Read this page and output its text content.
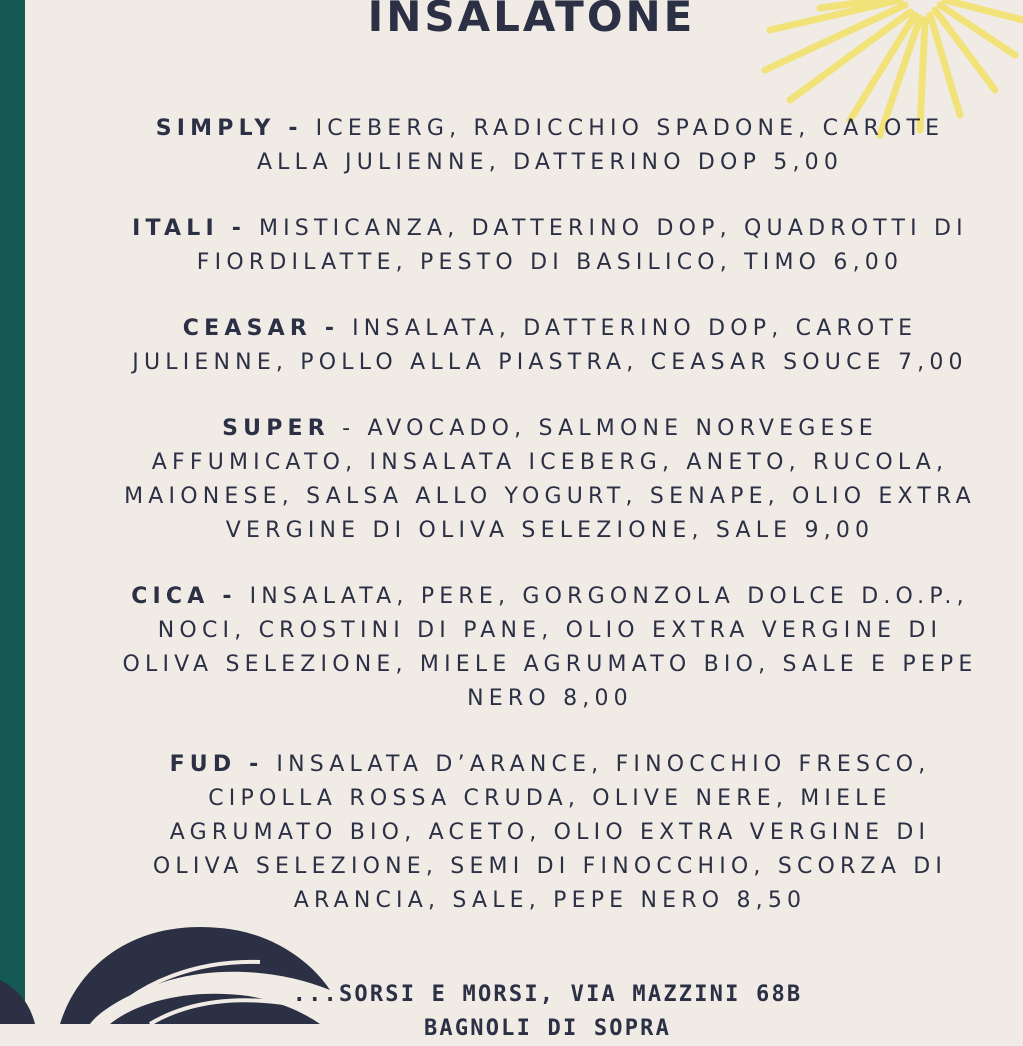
INSALATONE

SIMPLY - ICEBERG, RADICCHIO SPADONE, CAROTE ALLA JULIENNE, DATTERINO DOP 5,00

ITALI - MISTICANZA, DATTERINO DOP, QUADROTTI DI FIORDILATTE, PESTO DI BASILICO, TIMO 6,00

CEASAR - INSALATA, DATTERINO DOP, CAROTE JULIENNE, POLLO ALLA PIASTRA, CEASAR SOUCE 7,00

SUPER - AVOCADO, SALMONE NORVEGESE AFFUMICATO, INSALATA ICEBERG, ANETO, RUCOLA, MAIONESE, SALSA ALLO YOGURT, SENAPE, OLIO EXTRA VERGINE DI OLIVA SELEZIONE, SALE 9,00

CICA - INSALATA, PERE, GORGONZOLA DOLCE D.O.P., NOCI, CROSTINI DI PANE, OLIO EXTRA VERGINE DI OLIVA SELEZIONE, MIELE AGRUMATO BIO, SALE E PEPE NERO 8,00

FUD - INSALATA D’ARANCE, FINOCCHIO FRESCO, CIPOLLA ROSSA CRUDA, OLIVE NERE, MIELE AGRUMATO BIO, ACETO, OLIO EXTRA VERGINE DI OLIVA SELEZIONE, SEMI DI FINOCCHIO, SCORZA DI ARANCIA, SALE, PEPE NERO 8,50

...SORSI E MORSI, VIA MAZZINI 68B
BAGNOLI DI SOPRA
